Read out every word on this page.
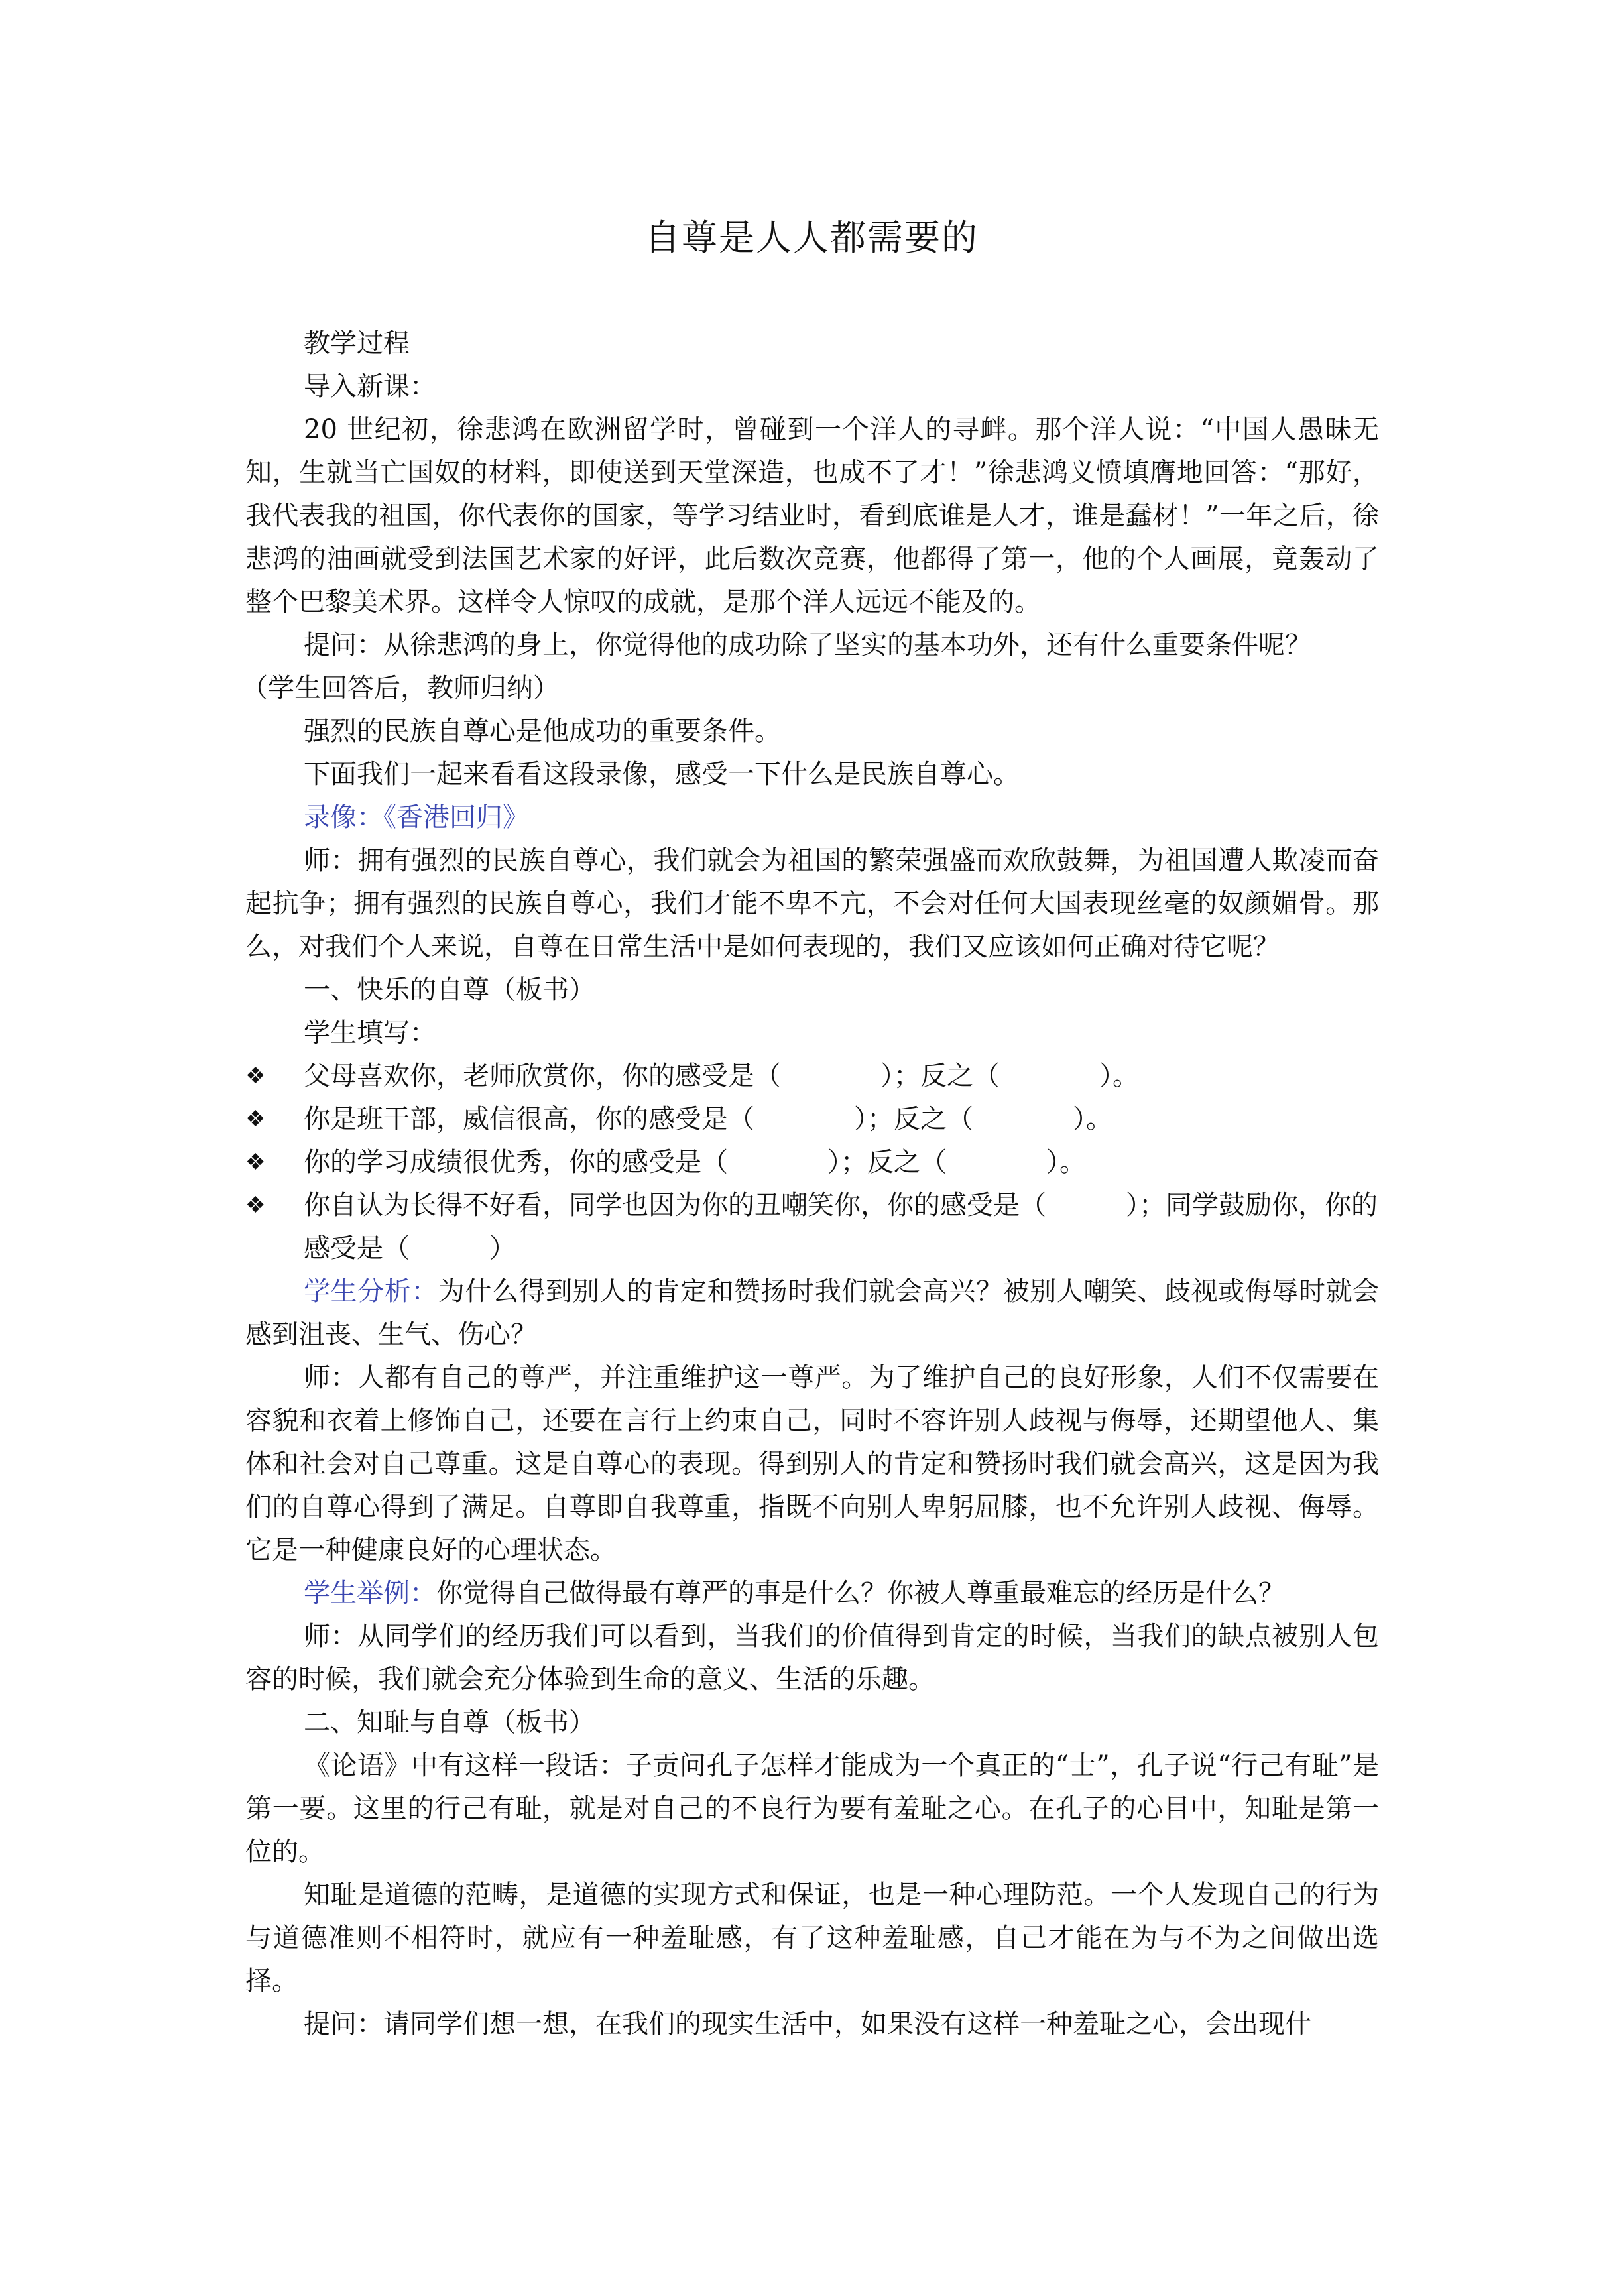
自尊是人人都需要的

教学过程

导入新课：

20 世纪初，徐悲鸿在欧洲留学时，曾碰到一个洋人的寻衅。那个洋人说：“中国人愚昧无知，生就当亡国奴的材料，即使送到天堂深造，也成不了才！”徐悲鸿义愤填膺地回答：“那好，我代表我的祖国，你代表你的国家，等学习结业时，看到底谁是人才，谁是蠢材！”一年之后，徐悲鸿的油画就受到法国艺术家的好评，此后数次竞赛，他都得了第一，他的个人画展，竟轰动了整个巴黎美术界。这样令人惊叹的成就，是那个洋人远远不能及的。

提问：从徐悲鸿的身上，你觉得他的成功除了坚实的基本功外，还有什么重要条件呢？

（学生回答后，教师归纳）

强烈的民族自尊心是他成功的重要条件。

下面我们一起来看看这段录像，感受一下什么是民族自尊心。

录像：《香港回归》

师：拥有强烈的民族自尊心，我们就会为祖国的繁荣强盛而欢欣鼓舞，为祖国遭人欺凌而奋起抗争；拥有强烈的民族自尊心，我们才能不卑不亢，不会对任何大国表现丝毫的奴颜媚骨。那么，对我们个人来说，自尊在日常生活中是如何表现的，我们又应该如何正确对待它呢？

一、快乐的自尊（板书）

学生填写：

❖ 父母喜欢你，老师欣赏你，你的感受是（	）；反之（	）。
❖ 你是班干部，威信很高，你的感受是（	）；反之（	）。
❖ 你的学习成绩很优秀，你的感受是（	）；反之（	）。
❖ 你自认为长得不好看，同学也因为你的丑嘲笑你，你的感受是（	）；同学鼓励你，你的感受是（	）

学生分析：为什么得到别人的肯定和赞扬时我们就会高兴？被别人嘲笑、歧视或侮辱时就会感到沮丧、生气、伤心？

师：人都有自己的尊严，并注重维护这一尊严。为了维护自己的良好形象，人们不仅需要在容貌和衣着上修饰自己，还要在言行上约束自己，同时不容许别人歧视与侮辱，还期望他人、集体和社会对自己尊重。这是自尊心的表现。得到别人的肯定和赞扬时我们就会高兴，这是因为我们的自尊心得到了满足。自尊即自我尊重，指既不向别人卑躬屈膝，也不允许别人歧视、侮辱。它是一种健康良好的心理状态。

学生举例：你觉得自己做得最有尊严的事是什么？你被人尊重最难忘的经历是什么？

师：从同学们的经历我们可以看到，当我们的价值得到肯定的时候，当我们的缺点被别人包容的时候，我们就会充分体验到生命的意义、生活的乐趣。

二、知耻与自尊（板书）

《论语》中有这样一段话：子贡问孔子怎样才能成为一个真正的“士”，孔子说“行己有耻”是第一要。这里的行己有耻，就是对自己的不良行为要有羞耻之心。在孔子的心目中，知耻是第一位的。

知耻是道德的范畴，是道德的实现方式和保证，也是一种心理防范。一个人发现自己的行为与道德准则不相符时，就应有一种羞耻感，有了这种羞耻感，自己才能在为与不为之间做出选择。

提问：请同学们想一想，在我们的现实生活中，如果没有这样一种羞耻之心，会出现什
